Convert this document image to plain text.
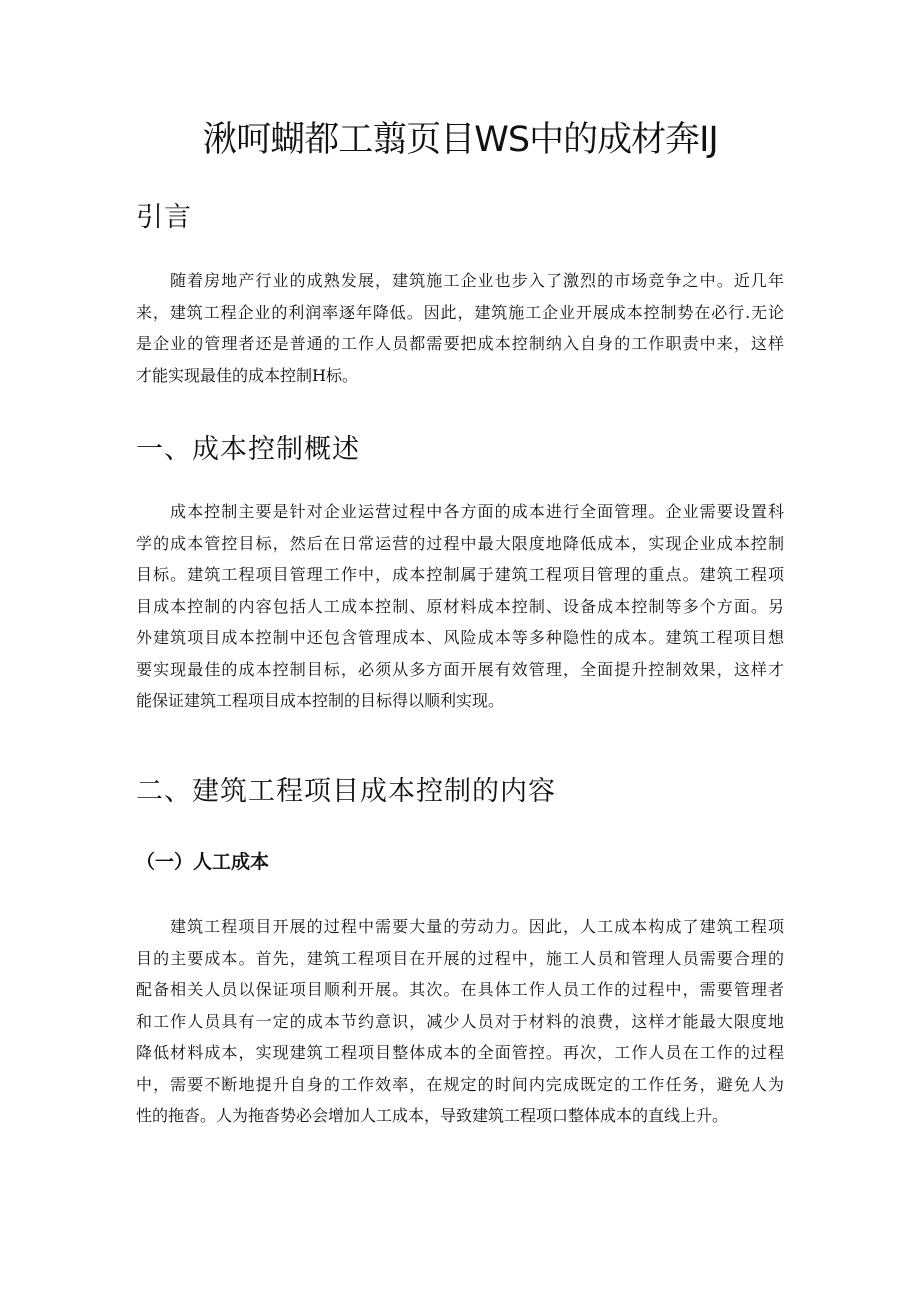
湫呵蝴都工翦页目WS中的成材奔IJ
引言
随着房地产行业的成熟发展，建筑施工企业也步入了激烈的市场竞争之中。近几年
来，建筑工程企业的利润率逐年降低。因此，建筑施工企业开展成本控制势在必行.无论
是企业的管理者还是普通的工作人员都需要把成本控制纳入自身的工作职责中来，这样
才能实现最佳的成本控制H标。
一、成本控制概述
成本控制主要是针对企业运营过程中各方面的成本进行全面管理。企业需要设置科
学的成本管控目标，然后在日常运营的过程中最大限度地降低成本，实现企业成本控制
目标。建筑工程项目管理工作中，成本控制属于建筑工程项目管理的重点。建筑工程项
目成本控制的内容包括人工成本控制、原材料成本控制、设备成本控制等多个方面。另
外建筑项目成本控制中还包含管理成本、风险成本等多种隐性的成本。建筑工程项目想
要实现最佳的成本控制目标，必须从多方面开展有效管理，全面提升控制效果，这样才
能保证建筑工程项目成本控制的目标得以顺利实现。
二、建筑工程项目成本控制的内容
（一）人工成本
建筑工程项目开展的过程中需要大量的劳动力。因此，人工成本构成了建筑工程项
目的主要成本。首先，建筑工程项目在开展的过程中，施工人员和管理人员需要合理的
配备相关人员以保证项目顺利开展。其次。在具体工作人员工作的过程中，需要管理者
和工作人员具有一定的成本节约意识，减少人员对于材料的浪费，这样才能最大限度地
降低材料成本，实现建筑工程项目整体成本的全面管控。再次，工作人员在工作的过程
中，需要不断地提升自身的工作效率，在规定的时间内完成既定的工作任务，避免人为
性的拖沓。人为拖沓势必会增加人工成本，导致建筑工程项口整体成本的直线上升。
